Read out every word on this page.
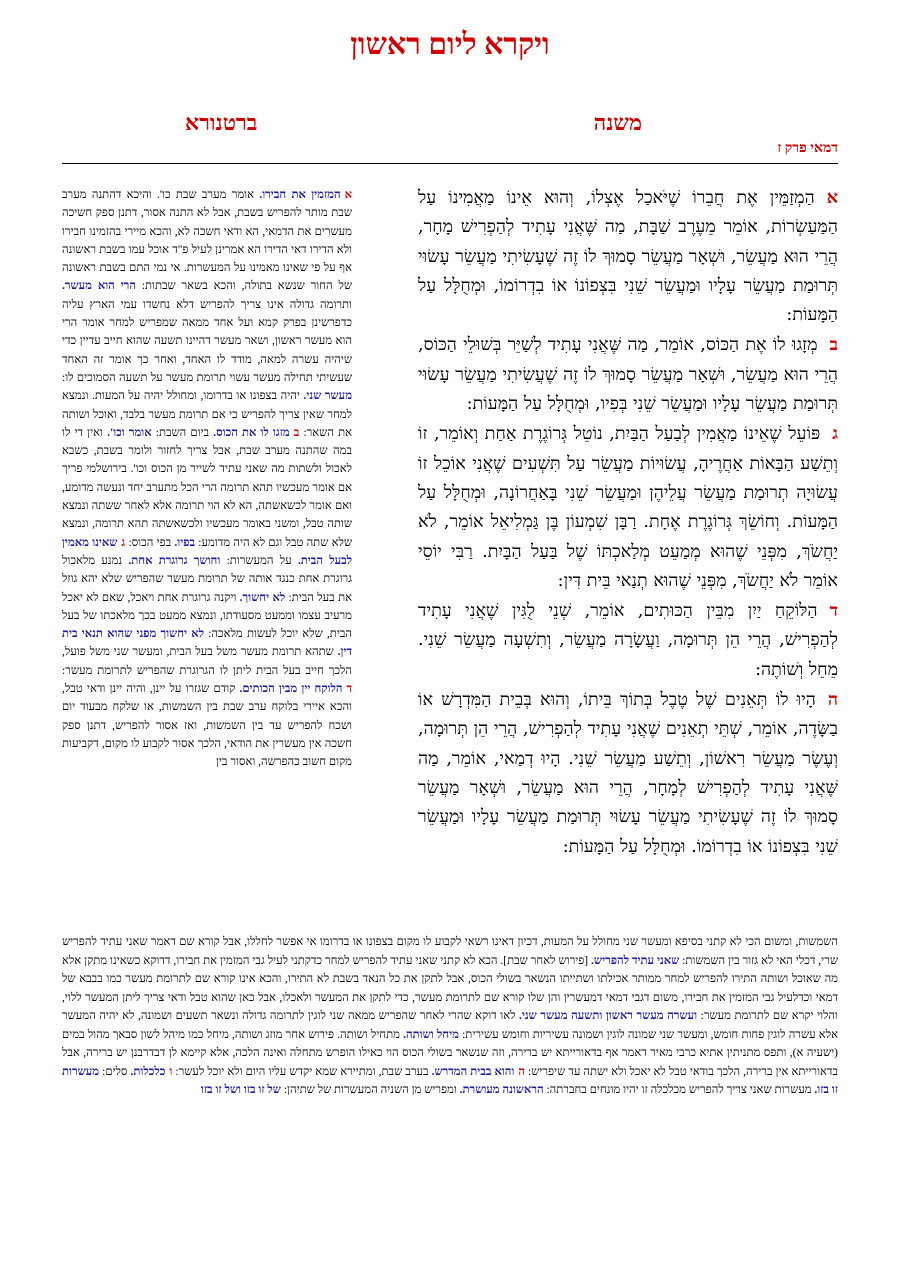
ויקרא ליום ראשון
משנה
ברטנורא
דמאי פרק ז

אהַמְזַמֵּין אֶת חֲבֵרוֹ שֶׁיֹּאכַל אֶצְלוֹ, וְהוּא אֵינוֹ מַאֲמִינוֹ עַל הַמַּעַשְׂרוֹת, אוֹמֵר מֵעֶרֶב שַׁבָּת, מַה שֶּׁאֲנִי עָתִיד לְהַפְרִישׁ מָחָר, הֲרֵי הוּא מַעֲשֵׂר, וּשְׁאָר מַעֲשֵׂר סָמוּךְ לוֹ זֶה שֶׁעָשִׂיתִי מַעֲשֵׂר עָשׂוּי תְּרוּמַת מַעֲשֵׂר עָלָיו וּמַעֲשֵׂר שֵׁנִי בִּצְפוֹנוֹ אוֹ בִדְרוֹמוֹ, וּמְחֻלָּל עַל הַמָּעוֹת:

במְזָגוּ לוֹ אֶת הַכּוֹס, אוֹמֵר, מַה שֶּׁאֲנִי עָתִיד לְשַׁיֵּר בְּשׁוּלֵי הַכּוֹס, הֲרֵי הוּא מַעֲשֵׂר, וּשְׁאָר מַעֲשֵׂר סָמוּךְ לוֹ זֶה שֶׁעֲשִׂיתִי מַעֲשֵׂר עָשׂוּי תְּרוּמַת מַעֲשֵׂר עָלָיו וּמַעֲשֵׂר שֵׁנִי בְּפִיו, וּמְחֻלָּל עַל הַמָּעוֹת:

גפּוֹעֵל שֶׁאֵינוֹ מַאֲמִין לְבַעַל הַבַּיִת, נוֹטֵל גְּרוֹגֶרֶת אַחַת וְאוֹמֵר, זוֹ וְתֵשַׁע הַבָּאוֹת אַחֲרֶיהָ, עֲשׂוּיוֹת מַעֲשֵׂר עַל תִּשְׁעִים שֶׁאֲנִי אוֹכֵל זוֹ עֲשׂוּיָה תְרוּמַת מַעֲשֵׂר עֲלֵיהֶן וּמַעֲשֵׂר שֵׁנִי בָּאַחֲרוֹנָה, וּמְחֻלָּל עַל הַמָּעוֹת. וְחוֹשֵׂךְ גְּרוֹגֶרֶת אֶחָת. רַבָּן שִׁמְעוֹן בֶּן גַּמְלִיאֵל אוֹמֵר, לֹא יַחֲשֹׂךְ, מִפְּנֵי שֶׁהוּא מְמַעֵט מְלַאכְתּוֹ שֶׁל בַּעַל הַבָּיִת. רַבִּי יוֹסֵי אוֹמֵר לֹא יַחֲשֹׂךְ, מִפְּנֵי שֶׁהוּא תְנַאי בֵּית דִּין:

דהַלּוֹקֵחַ יַיִן מִבֵּין הַכּוּתִים, אוֹמֵר, שְׁנֵי לֻגִּין שֶׁאֲנִי עָתִיד לְהַפְרִישׁ, הֲרֵי הֵן תְּרוּמָה, וַעֲשָׂרָה מַעֲשֵׂר, וְתִשְׁעָה מַעֲשֵׂר שֵׁנִי. מֵחֵל וְשׁוֹתֶה:

ההָיוּ לוֹ תְּאֵנִים שֶׁל טֶבֶל בְּתוֹךְ בֵּיתוֹ, וְהוּא בְּבֵית הַמִּדְרָשׁ אוֹ בַשָּׂדֶה, אוֹמֵר, שְׁתֵּי תְאֵנִים שֶׁאֲנִי עָתִיד לְהַפְרִישׁ, הֲרֵי הֵן תְּרוּמָה, וְעֶשֶׂר מַעֲשֵׂר רִאשׁוֹן, וְתֵשַׁע מַעֲשֵׂר שֵׁנִי. הָיוּ דְמַאי, אוֹמֵר, מַה שֶּׁאֲנִי עָתִיד לְהַפְרִישׁ לְמָחָר, הֲרֵי הוּא מַעֲשֵׂר, וּשְׁאָר מַעֲשֵׂר סָמוּךְ לוֹ זֶה שֶׁעָשִׂיתִי מַעֲשֵׂר עָשׂוּי תְּרוּמַת מַעֲשֵׂר עָלָיו וּמַעֲשֵׂר שֵׁנִי בִּצְפוֹנוֹ אוֹ בִדְרוֹמוֹ. וּמְחֻלָּל עַל הַמָּעוֹת:

אהמזמין את חבירו. אומר מערב שבת כו'. והיכא דהתנה מערב שבת מותר להפריש בשבת, אבל לא התנה אסור, דתנן ספק חשיכה מעשרים את הדמאי, הא ודאי חשכה לא, והכא מיירי בהזמינו חבירו ולא הדירו דאי הדירו הא אמרינן לעיל פ"ד אוכל עמו בשבת ראשונה אף על פי שאינו מאמינו על המעשרות. אי נמי התם בשבת ראשונה של החור שנשא בתולה, והכא בשאר שבתות: הרי הוא מעשר. ותרומה גדולה אינו צריך להפריש דלא נחשדו עמי הארץ עליה כדפרשינן בפרק קמא ועל אחד ממאה שמפריש למחר אומר הרי הוא מעשר ראשון, ושאר מעשר דהיינו תשעה שהוא חייב עדיין כדי שיהיה עשרה למאה, מודד לו האחד, ואחר כך אומר זה האחד שעשיתי תחילה מעשר עשוי תרומת מעשר על תשעה הסמוכים לו: מעשר שני. יהיה בצפונו או בדרומו, ומחולל יהיה על המעות. ונמצא למחר שאין צריך להפריש כי אם תרומת מעשר בלבד, ואוכל ושותה את השאר: במזגו לו את הכוס. ביום השבת: אומר וכו'. ואין די לו במה שהתנה מערב שבת, אבל צריך לחזור ולומר בשבת, כשבא לאכול ולשתות מה שאני עתיד לשייר מן הכוס וכו'. בירושלמי פריך אם אומר מעכשיו תהא תרומה הרי הכל מתערב יחד ונעשה מדומע, ואם אומר לכשאשתה, הא לא הוי תרומה אלא לאחר ששתה ונמצא שותה טבל, ומשני באומר מעכשיו ולכשאשתה תהא תרומה, ונמצא שלא שתה טבל וגם לא היה מדומע: בפיו. בפי הכוס: גשאינו מאמין לבעל הבית. על המעשרות: וחושך גרוגרת אחת. נמנע מלאכול גרוגרת אחת כנגד אותה של תרומת מעשר שהפריש שלא יהא גוזל את בעל הבית: לא יחשוך. ויקנה גרוגרת אחת ויאכל, שאם לא יאכל מרעיב עצמו וממעט מסעודתו, ונמצא ממעט בכך מלאכתו של בעל הבית, שלא יוכל לעשות מלאכה: לא יחשוך מפני שהוא תנאי בית דין. שתהא תרומת מעשר משל בעל הבית, ומעשר שני משל פועל, הלכך חייב בעל הבית ליתן לו הגרוגרת שהפריש לתרומת מעשר: דהלוקח יין מבין הכותים. קודם שגזרו על יינן, והיה יינן ודאי טבל, והכא איירי בלוקח ערב שבת בין השמשות, או שלקח מבעוד יום ושכח להפריש עד בין השמשות, ואז אסור להפריש, דתנן ספק חשכה אין מעשרין את הודאי, הלכך אסור לקבוע לו מקום, דקביעות מקום חשוב כהפרשה, ואסור בין
השמשות, ומשום הכי לא קתני בסיפא ומעשר שני מחולל על המעות, דכיון דאינו רשאי לקבוע לו מקום בצפונו או בדרומו אי אפשר לחללו, אבל קורא שם דאמר שאני עתיד להפריש שרי, דכלי האי לא גזור בין השמשות: שאני עתיד להפריש. [פירוש לאחר שבת]. הכא לא קתני שאני עתיד להפריש למחר כדקתני לעיל גבי המזמין את חבירו, דדוקא כשאינו מתקן אלא מה שאוכל ושותה התירו להפריש למחר ממותר אכילתו ושתייתו הנשאר בשולי הכוס, אבל לתקן את כל הנאד בשבת לא התירו, והכא אינו קורא שם לתרומת מעשר כמו בבבא של דמאי וכדלעיל גבי המזמין את חבירו, משום דגבי דמאי דמעשרין והן שלו קורא שם לתרומת מעשר, כדי לתקן את המעשר ולאכלו, אבל כאן שהוא טבל ודאי צריך ליתן המעשר ללוי, והלוי יקרא שם לתרומת מעשר: ועשרה מעשר ראשון ותשעה מעשר שני. לאו דוקא שהרי לאחר שהפריש ממאה שני לוגין לתרומה גדולה ונשאר תשעים ושמונה, לא יהיה המעשר אלא עשרה לוגין פחות חומש, ומעשר שני שמונה לוגין ושמונה עשיריות וחומש עשירית: מיחל ושותה. מתחיל ושותה. פירוש אחר מוזג ושותה, מיחל כמו מיהל לשון סבאך מהול במים (ישעיה א), ותפס מתניתין אתיא כרבי מאיר דאמר אף בדאורייתא יש ברירה, וזה שנשאר בשולי הכוס הוי כאילו הופרש מתחלה ואינה הלכה, אלא קיימא לן דבדרבנן יש ברירה, אבל בדאורייתא אין ברירה, הלכך בודאי טבל לא יאכל ולא ישתה עד שיפריש: הוהוא בבית המדרש. בערב שבת, ומתיירא שמא יקדש עליו היום ולא יוכל לעשר: וכלכלות. סלים: מעשרות זו בזו. מעשרות שאני צריך להפריש מכלכלה זו יהיו מונחים בחברתה: הראשונה מעושרת. ומפריש מן השניה המעשרות של שתיהן: של זו בזו ושל זו בזו
